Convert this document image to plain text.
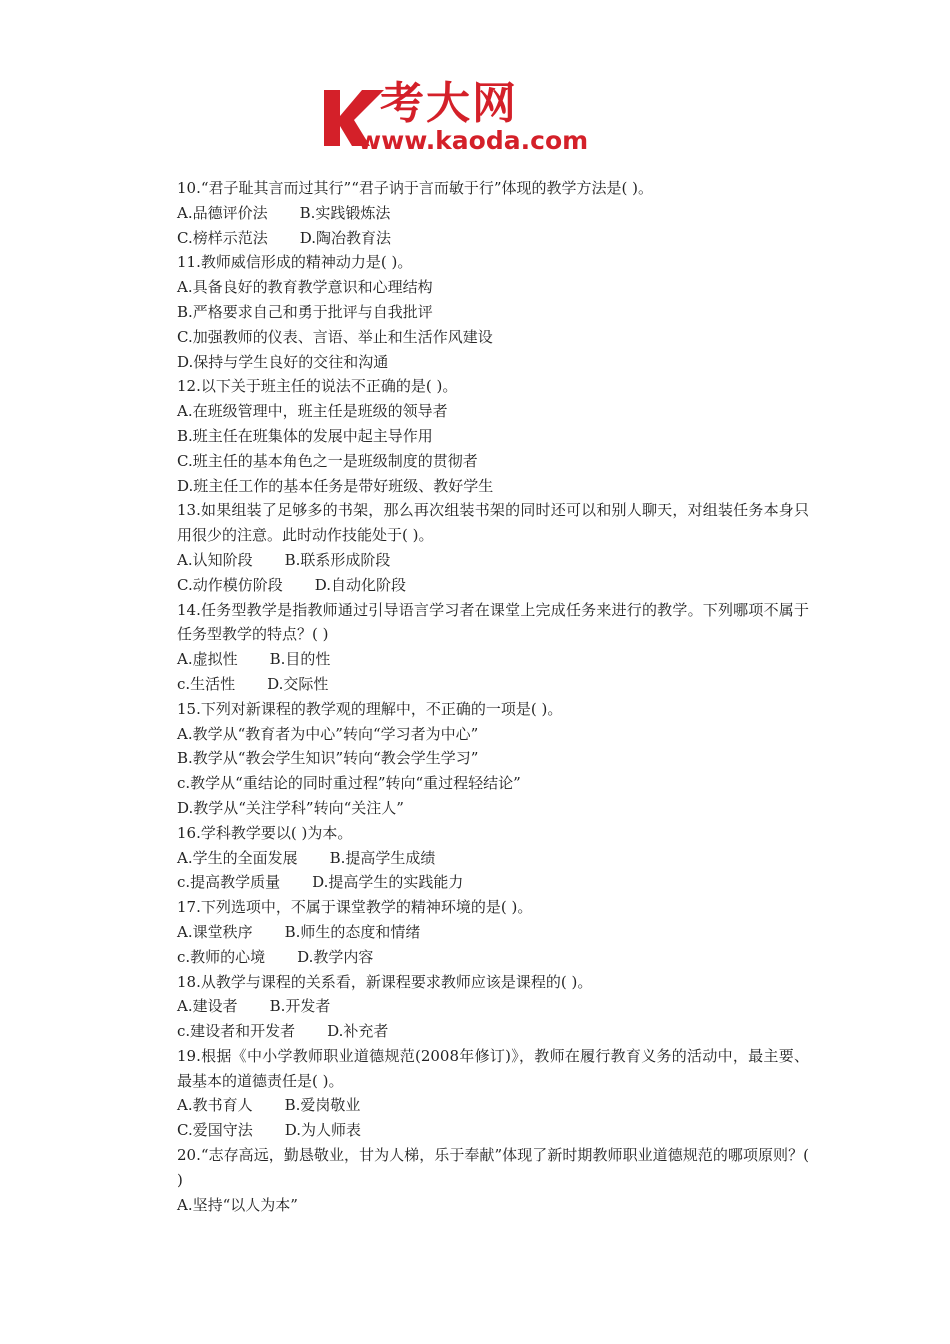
考大网
www.kaoda.com
10.“君子耻其言而过其行”“君子讷于言而敏于行”体现的教学方法是( )。
A.品德评价法 B.实践锻炼法
C.榜样示范法 D.陶冶教育法
11.教师威信形成的精神动力是( )。
A.具备良好的教育教学意识和心理结构
B.严格要求自己和勇于批评与自我批评
C.加强教师的仪表、言语、举止和生活作风建设
D.保持与学生良好的交往和沟通
12.以下关于班主任的说法不正确的是( )。
A.在班级管理中，班主任是班级的领导者
B.班主任在班集体的发展中起主导作用
C.班主任的基本角色之一是班级制度的贯彻者
D.班主任工作的基本任务是带好班级、教好学生
13.如果组装了足够多的书架，那么再次组装书架的同时还可以和别人聊天，对组装任务本身只用很少的注意。此时动作技能处于( )。
A.认知阶段 B.联系形成阶段
C.动作模仿阶段 D.自动化阶段
14.任务型教学是指教师通过引导语言学习者在课堂上完成任务来进行的教学。下列哪项不属于任务型教学的特点？( )
A.虚拟性 B.目的性
c.生活性 D.交际性
15.下列对新课程的教学观的理解中，不正确的一项是( )。
A.教学从“教育者为中心”转向“学习者为中心”
B.教学从“教会学生知识”转向“教会学生学习”
c.教学从“重结论的同时重过程”转向“重过程轻结论”
D.教学从“关注学科”转向“关注人”
16.学科教学要以( )为本。
A.学生的全面发展 B.提高学生成绩
c.提高教学质量 D.提高学生的实践能力
17.下列选项中，不属于课堂教学的精神环境的是( )。
A.课堂秩序 B.师生的态度和情绪
c.教师的心境 D.教学内容
18.从教学与课程的关系看，新课程要求教师应该是课程的( )。
A.建设者 B.开发者
c.建设者和开发者 D.补充者
19.根据《中小学教师职业道德规范(2008年修订)》，教师在履行教育义务的活动中，最主要、最基本的道德责任是( )。
A.教书育人 B.爱岗敬业
C.爱国守法 D.为人师表
20.“志存高远，勤恳敬业，甘为人梯，乐于奉献”体现了新时期教师职业道德规范的哪项原则？( )
A.坚持“以人为本”
